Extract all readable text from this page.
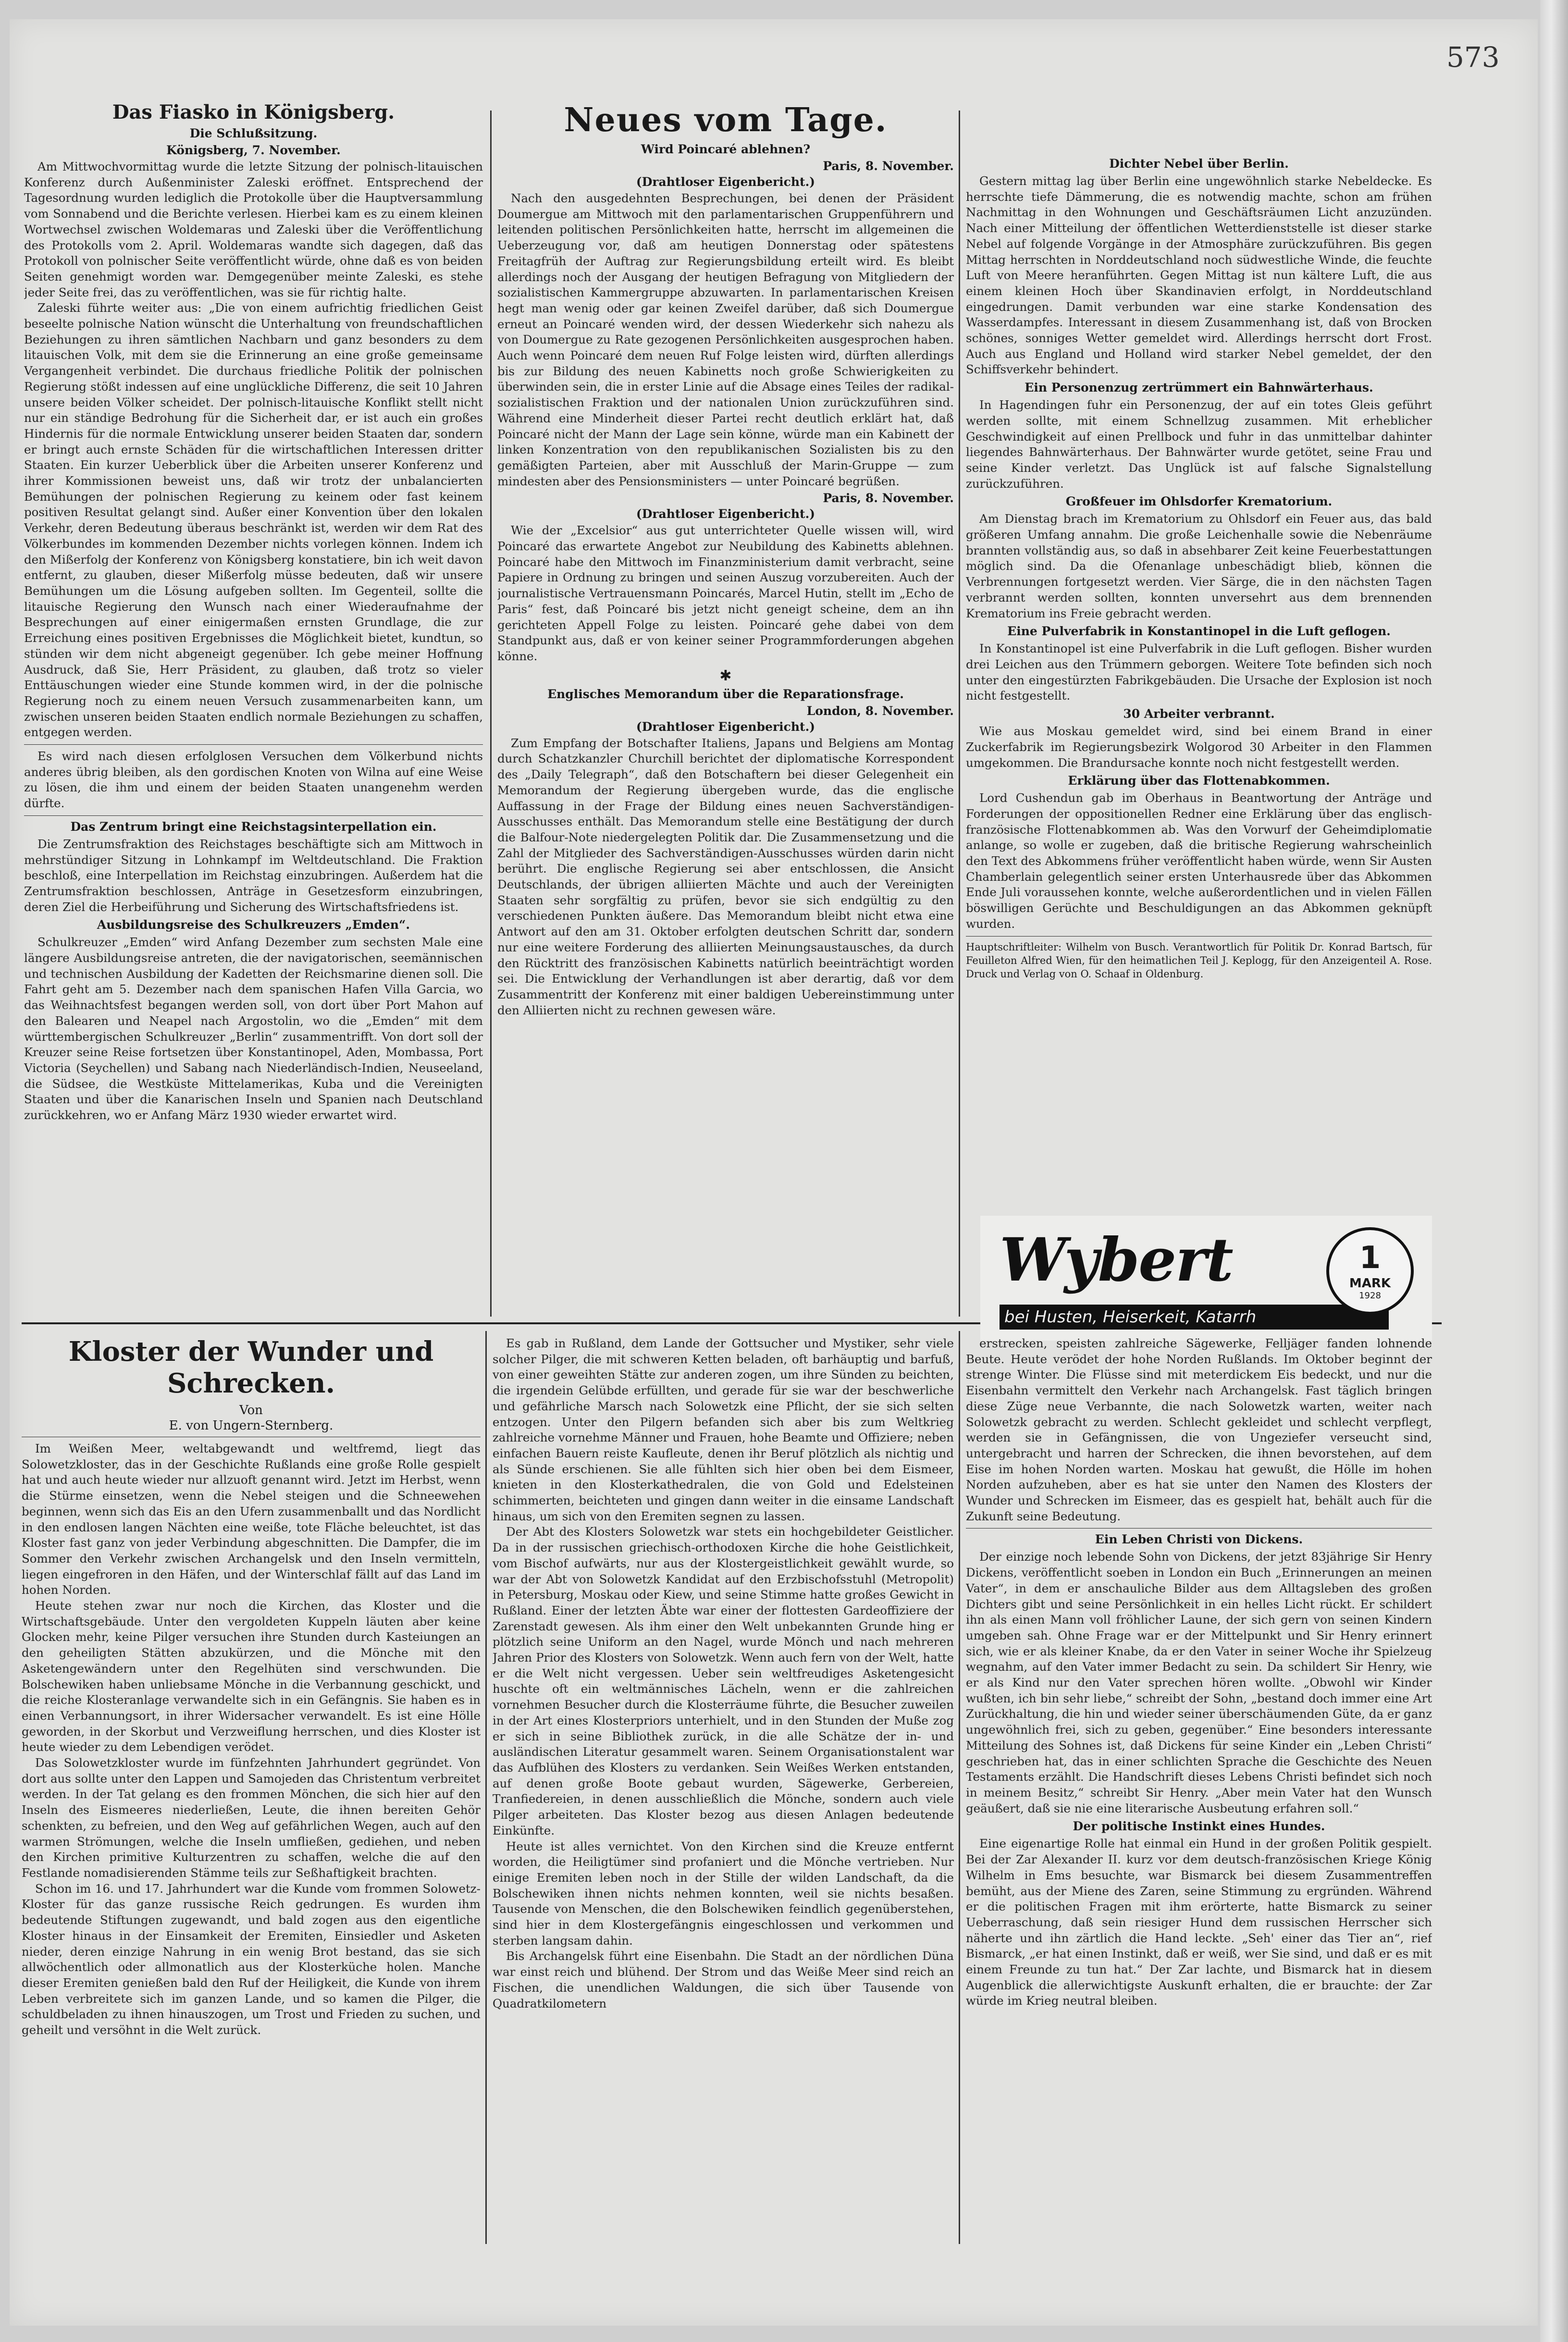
573
Das Fiasko in Königsberg.
Die Schlußsitzung.
Königsberg, 7. November.

Am Mittwochvormittag wurde die letzte Sitzung der polnisch-litauischen Konferenz durch Außenminister Zaleski eröffnet. Entsprechend der Tagesordnung wurden lediglich die Protokolle über die Hauptversammlung vom Sonnabend und die Berichte verlesen. Hierbei kam es zu einem kleinen Wortwechsel zwischen Woldemaras und Zaleski über die Veröffentlichung des Protokolls vom 2. April. Woldemaras wandte sich dagegen, daß das Protokoll von polnischer Seite veröffentlicht würde, ohne daß es von beiden Seiten genehmigt worden war. Demgegenüber meinte Zaleski, es stehe jeder Seite frei, das zu veröffentlichen, was sie für richtig halte.

Zaleski führte weiter aus: „Die von einem aufrichtig friedlichen Geist beseelte polnische Nation wünscht die Unterhaltung von freundschaftlichen Beziehungen zu ihren sämtlichen Nachbarn und ganz besonders zu dem litauischen Volk, mit dem sie die Erinnerung an eine große gemeinsame Vergangenheit verbindet. Die durchaus friedliche Politik der polnischen Regierung stößt indessen auf eine unglückliche Differenz, die seit 10 Jahren unsere beiden Völker scheidet. Der polnisch-litauische Konflikt stellt nicht nur ein ständige Bedrohung für die Sicherheit dar, er ist auch ein großes Hindernis für die normale Entwicklung unserer beiden Staaten dar, sondern er bringt auch ernste Schäden für die wirtschaftlichen Interessen dritter Staaten. Ein kurzer Ueberblick über die Arbeiten unserer Konferenz und ihrer Kommissionen beweist uns, daß wir trotz der unbalancierten Bemühungen der polnischen Regierung zu keinem oder fast keinem positiven Resultat gelangt sind. Außer einer Konvention über den lokalen Verkehr, deren Bedeutung überaus beschränkt ist, werden wir dem Rat des Völkerbundes im kommenden Dezember nichts vorlegen können. Indem ich den Mißerfolg der Konferenz von Königsberg konstatiere, bin ich weit davon entfernt, zu glauben, dieser Mißerfolg müsse bedeuten, daß wir unsere Bemühungen um die Lösung aufgeben sollten. Im Gegenteil, sollte die litauische Regierung den Wunsch nach einer Wiederaufnahme der Besprechungen auf einer einigermaßen ernsten Grundlage, die zur Erreichung eines positiven Ergebnisses die Möglichkeit bietet, kundtun, so stünden wir dem nicht abgeneigt gegenüber. Ich gebe meiner Hoffnung Ausdruck, daß Sie, Herr Präsident, zu glauben, daß trotz so vieler Enttäuschungen wieder eine Stunde kommen wird, in der die polnische Regierung noch zu einem neuen Versuch zusammenarbeiten kann, um zwischen unseren beiden Staaten endlich normale Beziehungen zu schaffen, entgegen werden.

Es wird nach diesen erfolglosen Versuchen dem Völkerbund nichts anderes übrig bleiben, als den gordischen Knoten von Wilna auf eine Weise zu lösen, die ihm und einem der beiden Staaten unangenehm werden dürfte.

Das Zentrum bringt eine Reichstagsinterpellation ein.

Die Zentrumsfraktion des Reichstages beschäftigte sich am Mittwoch in mehrstündiger Sitzung in Lohnkampf im Weltdeutschland. Die Fraktion beschloß, eine Interpellation im Reichstag einzubringen. Außerdem hat die Zentrumsfraktion beschlossen, Anträge in Gesetzesform einzubringen, deren Ziel die Herbeiführung und Sicherung des Wirtschaftsfriedens ist.

Ausbildungsreise des Schulkreuzers „Emden“.

Schulkreuzer „Emden“ wird Anfang Dezember zum sechsten Male eine längere Ausbildungsreise antreten, die der navigatorischen, seemännischen und technischen Ausbildung der Kadetten der Reichsmarine dienen soll. Die Fahrt geht am 5. Dezember nach dem spanischen Hafen Villa Garcia, wo das Weihnachtsfest begangen werden soll, von dort über Port Mahon auf den Balearen und Neapel nach Argostolin, wo die „Emden“ mit dem württembergischen Schulkreuzer „Berlin“ zusammentrifft. Von dort soll der Kreuzer seine Reise fortsetzen über Konstantinopel, Aden, Mombassa, Port Victoria (Seychellen) und Sabang nach Niederländisch-Indien, Neuseeland, die Südsee, die Westküste Mittelamerikas, Kuba und die Vereinigten Staaten und über die Kanarischen Inseln und Spanien nach Deutschland zurückkehren, wo er Anfang März 1930 wieder erwartet wird.

Neues vom Tage.
Wird Poincaré ablehnen?
Paris, 8. November.
(Drahtloser Eigenbericht.)

Nach den ausgedehnten Besprechungen, bei denen der Präsident Doumergue am Mittwoch mit den parlamentarischen Gruppenführern und leitenden politischen Persönlichkeiten hatte, herrscht im allgemeinen die Ueberzeugung vor, daß am heutigen Donnerstag oder spätestens Freitagfrüh der Auftrag zur Regierungsbildung erteilt wird. Es bleibt allerdings noch der Ausgang der heutigen Befragung von Mitgliedern der sozialistischen Kammergruppe abzuwarten. In parlamentarischen Kreisen hegt man wenig oder gar keinen Zweifel darüber, daß sich Doumergue erneut an Poincaré wenden wird, der dessen Wiederkehr sich nahezu als von Doumergue zu Rate gezogenen Persönlichkeiten ausgesprochen haben. Auch wenn Poincaré dem neuen Ruf Folge leisten wird, dürften allerdings bis zur Bildung des neuen Kabinetts noch große Schwierigkeiten zu überwinden sein, die in erster Linie auf die Absage eines Teiles der radikal-sozialistischen Fraktion und der nationalen Union zurückzuführen sind. Während eine Minderheit dieser Partei recht deutlich erklärt hat, daß Poincaré nicht der Mann der Lage sein könne, würde man ein Kabinett der linken Konzentration von den republikanischen Sozialisten bis zu den gemäßigten Parteien, aber mit Ausschluß der Marin-Gruppe — zum mindesten aber des Pensionsministers — unter Poincaré begrüßen.

Paris, 8. November.
(Drahtloser Eigenbericht.)

Wie der „Excelsior“ aus gut unterrichteter Quelle wissen will, wird Poincaré das erwartete Angebot zur Neubildung des Kabinetts ablehnen. Poincaré habe den Mittwoch im Finanzministerium damit verbracht, seine Papiere in Ordnung zu bringen und seinen Auszug vorzubereiten. Auch der journalistische Vertrauensmann Poincarés, Marcel Hutin, stellt im „Echo de Paris“ fest, daß Poincaré bis jetzt nicht geneigt scheine, dem an ihn gerichteten Appell Folge zu leisten. Poincaré gehe dabei von dem Standpunkt aus, daß er von keiner seiner Programmforderungen abgehen könne.

✱
Englisches Memorandum über die Reparationsfrage.
London, 8. November.
(Drahtloser Eigenbericht.)

Zum Empfang der Botschafter Italiens, Japans und Belgiens am Montag durch Schatzkanzler Churchill berichtet der diplomatische Korrespondent des „Daily Telegraph“, daß den Botschaftern bei dieser Gelegenheit ein Memorandum der Regierung übergeben wurde, das die englische Auffassung in der Frage der Bildung eines neuen Sachverständigen-Ausschusses enthält. Das Memorandum stelle eine Bestätigung der durch die Balfour-Note niedergelegten Politik dar. Die Zusammensetzung und die Zahl der Mitglieder des Sachverständigen-Ausschusses würden darin nicht berührt. Die englische Regierung sei aber entschlossen, die Ansicht Deutschlands, der übrigen alliierten Mächte und auch der Vereinigten Staaten sehr sorgfältig zu prüfen, bevor sie sich endgültig zu den verschiedenen Punkten äußere. Das Memorandum bleibt nicht etwa eine Antwort auf den am 31. Oktober erfolgten deutschen Schritt dar, sondern nur eine weitere Forderung des alliierten Meinungsaustausches, da durch den Rücktritt des französischen Kabinetts natürlich beeinträchtigt worden sei. Die Entwicklung der Verhandlungen ist aber derartig, daß vor dem Zusammentritt der Konferenz mit einer baldigen Uebereinstimmung unter den Alliierten nicht zu rechnen gewesen wäre.

Dichter Nebel über Berlin.

Gestern mittag lag über Berlin eine ungewöhnlich starke Nebeldecke. Es herrschte tiefe Dämmerung, die es notwendig machte, schon am frühen Nachmittag in den Wohnungen und Geschäftsräumen Licht anzuzünden. Nach einer Mitteilung der öffentlichen Wetterdienststelle ist dieser starke Nebel auf folgende Vorgänge in der Atmosphäre zurückzuführen. Bis gegen Mittag herrschten in Norddeutschland noch südwestliche Winde, die feuchte Luft von Meere heranführten. Gegen Mittag ist nun kältere Luft, die aus einem kleinen Hoch über Skandinavien erfolgt, in Norddeutschland eingedrungen. Damit verbunden war eine starke Kondensation des Wasserdampfes. Interessant in diesem Zusammenhang ist, daß von Brocken schönes, sonniges Wetter gemeldet wird. Allerdings herrscht dort Frost. Auch aus England und Holland wird starker Nebel gemeldet, der den Schiffsverkehr behindert.

Ein Personenzug zertrümmert ein Bahnwärterhaus.

In Hagendingen fuhr ein Personenzug, der auf ein totes Gleis geführt werden sollte, mit einem Schnellzug zusammen. Mit erheblicher Geschwindigkeit auf einen Prellbock und fuhr in das unmittelbar dahinter liegendes Bahnwärterhaus. Der Bahnwärter wurde getötet, seine Frau und seine Kinder verletzt. Das Unglück ist auf falsche Signalstellung zurückzuführen.

Großfeuer im Ohlsdorfer Krematorium.

Am Dienstag brach im Krematorium zu Ohlsdorf ein Feuer aus, das bald größeren Umfang annahm. Die große Leichenhalle sowie die Nebenräume brannten vollständig aus, so daß in absehbarer Zeit keine Feuerbestattungen möglich sind. Da die Ofenanlage unbeschädigt blieb, können die Verbrennungen fortgesetzt werden. Vier Särge, die in den nächsten Tagen verbrannt werden sollten, konnten unversehrt aus dem brennenden Krematorium ins Freie gebracht werden.

Eine Pulverfabrik in Konstantinopel in die Luft geflogen.

In Konstantinopel ist eine Pulverfabrik in die Luft geflogen. Bisher wurden drei Leichen aus den Trümmern geborgen. Weitere Tote befinden sich noch unter den eingestürzten Fabrikgebäuden. Die Ursache der Explosion ist noch nicht festgestellt.

30 Arbeiter verbrannt.

Wie aus Moskau gemeldet wird, sind bei einem Brand in einer Zuckerfabrik im Regierungsbezirk Wolgorod 30 Arbeiter in den Flammen umgekommen. Die Brandursache konnte noch nicht festgestellt werden.

Erklärung über das Flottenabkommen.

Lord Cushendun gab im Oberhaus in Beantwortung der Anträge und Forderungen der oppositionellen Redner eine Erklärung über das englisch-französische Flottenabkommen ab. Was den Vorwurf der Geheimdiplomatie anlange, so wolle er zugeben, daß die britische Regierung wahrscheinlich den Text des Abkommens früher veröffentlicht haben würde, wenn Sir Austen Chamberlain gelegentlich seiner ersten Unterhausrede über das Abkommen Ende Juli voraussehen konnte, welche außerordentlichen und in vielen Fällen böswilligen Gerüchte und Beschuldigungen an das Abkommen geknüpft wurden.

Hauptschriftleiter: Wilhelm von Busch. Verantwortlich für Politik Dr. Konrad Bartsch, für Feuilleton Alfred Wien, für den heimatlichen Teil J. Keplogg, für den Anzeigenteil A. Rose. Druck und Verlag von O. Schaaf in Oldenburg.
Wybert
bei Husten, Heiserkeit, Katarrh
1
MARK
1928
Kloster der Wunder und Schrecken.
Von
E. von Ungern-Sternberg.

Im Weißen Meer, weltabgewandt und weltfremd, liegt das Solowetzkloster, das in der Geschichte Rußlands eine große Rolle gespielt hat und auch heute wieder nur allzuoft genannt wird. Jetzt im Herbst, wenn die Stürme einsetzen, wenn die Nebel steigen und die Schneewehen beginnen, wenn sich das Eis an den Ufern zusammenballt und das Nordlicht in den endlosen langen Nächten eine weiße, tote Fläche beleuchtet, ist das Kloster fast ganz von jeder Verbindung abgeschnitten. Die Dampfer, die im Sommer den Verkehr zwischen Archangelsk und den Inseln vermitteln, liegen eingefroren in den Häfen, und der Winterschlaf fällt auf das Land im hohen Norden.

Heute stehen zwar nur noch die Kirchen, das Kloster und die Wirtschaftsgebäude. Unter den vergoldeten Kuppeln läuten aber keine Glocken mehr, keine Pilger versuchen ihre Stunden durch Kasteiungen an den geheiligten Stätten abzukürzen, und die Mönche mit den Asketengewändern unter den Regelhüten sind verschwunden. Die Bolschewiken haben unliebsame Mönche in die Verbannung geschickt, und die reiche Klosteranlage verwandelte sich in ein Gefängnis. Sie haben es in einen Verbannungsort, in ihrer Widersacher verwandelt. Es ist eine Hölle geworden, in der Skorbut und Verzweiflung herrschen, und dies Kloster ist heute wieder zu dem Lebendigen verödet.

Das Solowetzkloster wurde im fünfzehnten Jahrhundert gegründet. Von dort aus sollte unter den Lappen und Samojeden das Christentum verbreitet werden. In der Tat gelang es den frommen Mönchen, die sich hier auf den Inseln des Eismeeres niederließen, Leute, die ihnen bereiten Gehör schenkten, zu befreien, und den Weg auf gefährlichen Wegen, auch auf den warmen Strömungen, welche die Inseln umfließen, gediehen, und neben den Kirchen primitive Kulturzentren zu schaffen, welche die auf den Festlande nomadisierenden Stämme teils zur Seßhaftigkeit brachten.

Schon im 16. und 17. Jahrhundert war die Kunde vom frommen Solowetz-Kloster für das ganze russische Reich gedrungen. Es wurden ihm bedeutende Stiftungen zugewandt, und bald zogen aus den eigentliche Kloster hinaus in der Einsamkeit der Eremiten, Einsiedler und Asketen nieder, deren einzige Nahrung in ein wenig Brot bestand, das sie sich allwöchentlich oder allmonatlich aus der Klosterküche holen. Manche dieser Eremiten genießen bald den Ruf der Heiligkeit, die Kunde von ihrem Leben verbreitete sich im ganzen Lande, und so kamen die Pilger, die schuldbeladen zu ihnen hinauszogen, um Trost und Frieden zu suchen, und geheilt und versöhnt in die Welt zurück.

Es gab in Rußland, dem Lande der Gottsucher und Mystiker, sehr viele solcher Pilger, die mit schweren Ketten beladen, oft barhäuptig und barfuß, von einer geweihten Stätte zur anderen zogen, um ihre Sünden zu beichten, die irgendein Gelübde erfüllten, und gerade für sie war der beschwerliche und gefährliche Marsch nach Solowetzk eine Pflicht, der sie sich selten entzogen. Unter den Pilgern befanden sich aber bis zum Weltkrieg zahlreiche vornehme Männer und Frauen, hohe Beamte und Offiziere; neben einfachen Bauern reiste Kaufleute, denen ihr Beruf plötzlich als nichtig und als Sünde erschienen. Sie alle fühlten sich hier oben bei dem Eismeer, knieten in den Klosterkathedralen, die von Gold und Edelsteinen schimmerten, beichteten und gingen dann weiter in die einsame Landschaft hinaus, um sich von den Eremiten segnen zu lassen.

Der Abt des Klosters Solowetzk war stets ein hochgebildeter Geistlicher. Da in der russischen griechisch-orthodoxen Kirche die hohe Geistlichkeit, vom Bischof aufwärts, nur aus der Klostergeistlichkeit gewählt wurde, so war der Abt von Solowetzk Kandidat auf den Erzbischofsstuhl (Metropolit) in Petersburg, Moskau oder Kiew, und seine Stimme hatte großes Gewicht in Rußland. Einer der letzten Äbte war einer der flottesten Gardeoffiziere der Zarenstadt gewesen. Als ihm einer den Welt unbekannten Grunde hing er plötzlich seine Uniform an den Nagel, wurde Mönch und nach mehreren Jahren Prior des Klosters von Solowetzk. Wenn auch fern von der Welt, hatte er die Welt nicht vergessen. Ueber sein weltfreudiges Asketengesicht huschte oft ein weltmännisches Lächeln, wenn er die zahlreichen vornehmen Besucher durch die Klosterräume führte, die Besucher zuweilen in der Art eines Klosterpriors unterhielt, und in den Stunden der Muße zog er sich in seine Bibliothek zurück, in die alle Schätze der in- und ausländischen Literatur gesammelt waren. Seinem Organisationstalent war das Aufblühen des Klosters zu verdanken. Sein Weißes Werken entstanden, auf denen große Boote gebaut wurden, Sägewerke, Gerbereien, Tranfiedereien, in denen ausschließlich die Mönche, sondern auch viele Pilger arbeiteten. Das Kloster bezog aus diesen Anlagen bedeutende Einkünfte.

Heute ist alles vernichtet. Von den Kirchen sind die Kreuze entfernt worden, die Heiligtümer sind profaniert und die Mönche vertrieben. Nur einige Eremiten leben noch in der Stille der wilden Landschaft, da die Bolschewiken ihnen nichts nehmen konnten, weil sie nichts besaßen. Tausende von Menschen, die den Bolschewiken feindlich gegenüberstehen, sind hier in dem Klostergefängnis eingeschlossen und verkommen und sterben langsam dahin.

Bis Archangelsk führt eine Eisenbahn. Die Stadt an der nördlichen Düna war einst reich und blühend. Der Strom und das Weiße Meer sind reich an Fischen, die unendlichen Waldungen, die sich über Tausende von Quadratkilometern

erstrecken, speisten zahlreiche Sägewerke, Felljäger fanden lohnende Beute. Heute verödet der hohe Norden Rußlands. Im Oktober beginnt der strenge Winter. Die Flüsse sind mit meterdickem Eis bedeckt, und nur die Eisenbahn vermittelt den Verkehr nach Archangelsk. Fast täglich bringen diese Züge neue Verbannte, die nach Solowetzk warten, weiter nach Solowetzk gebracht zu werden. Schlecht gekleidet und schlecht verpflegt, werden sie in Gefängnissen, die von Ungeziefer verseucht sind, untergebracht und harren der Schrecken, die ihnen bevorstehen, auf dem Eise im hohen Norden warten. Moskau hat gewußt, die Hölle im hohen Norden aufzuheben, aber es hat sie unter den Namen des Klosters der Wunder und Schrecken im Eismeer, das es gespielt hat, behält auch für die Zukunft seine Bedeutung.

Ein Leben Christi von Dickens.

Der einzige noch lebende Sohn von Dickens, der jetzt 83jährige Sir Henry Dickens, veröffentlicht soeben in London ein Buch „Erinnerungen an meinen Vater“, in dem er anschauliche Bilder aus dem Alltagsleben des großen Dichters gibt und seine Persönlichkeit in ein helles Licht rückt. Er schildert ihn als einen Mann voll fröhlicher Laune, der sich gern von seinen Kindern umgeben sah. Ohne Frage war er der Mittelpunkt und Sir Henry erinnert sich, wie er als kleiner Knabe, da er den Vater in seiner Woche ihr Spielzeug wegnahm, auf den Vater immer Bedacht zu sein. Da schildert Sir Henry, wie er als Kind nur den Vater sprechen hören wollte. „Obwohl wir Kinder wußten, ich bin sehr liebe,“ schreibt der Sohn, „bestand doch immer eine Art Zurückhaltung, die hin und wieder seiner überschäumenden Güte, da er ganz ungewöhnlich frei, sich zu geben, gegenüber.“ Eine besonders interessante Mitteilung des Sohnes ist, daß Dickens für seine Kinder ein „Leben Christi“ geschrieben hat, das in einer schlichten Sprache die Geschichte des Neuen Testaments erzählt. Die Handschrift dieses Lebens Christi befindet sich noch in meinem Besitz,“ schreibt Sir Henry. „Aber mein Vater hat den Wunsch geäußert, daß sie nie eine literarische Ausbeutung erfahren soll.“

Der politische Instinkt eines Hundes.

Eine eigenartige Rolle hat einmal ein Hund in der großen Politik gespielt. Bei der Zar Alexander II. kurz vor dem deutsch-französischen Kriege König Wilhelm in Ems besuchte, war Bismarck bei diesem Zusammentreffen bemüht, aus der Miene des Zaren, seine Stimmung zu ergründen. Während er die politischen Fragen mit ihm erörterte, hatte Bismarck zu seiner Ueberraschung, daß sein riesiger Hund dem russischen Herrscher sich näherte und ihn zärtlich die Hand leckte. „Seh' einer das Tier an“, rief Bismarck, „er hat einen Instinkt, daß er weiß, wer Sie sind, und daß er es mit einem Freunde zu tun hat.“ Der Zar lachte, und Bismarck hat in diesem Augenblick die allerwichtigste Auskunft erhalten, die er brauchte: der Zar würde im Krieg neutral bleiben.
